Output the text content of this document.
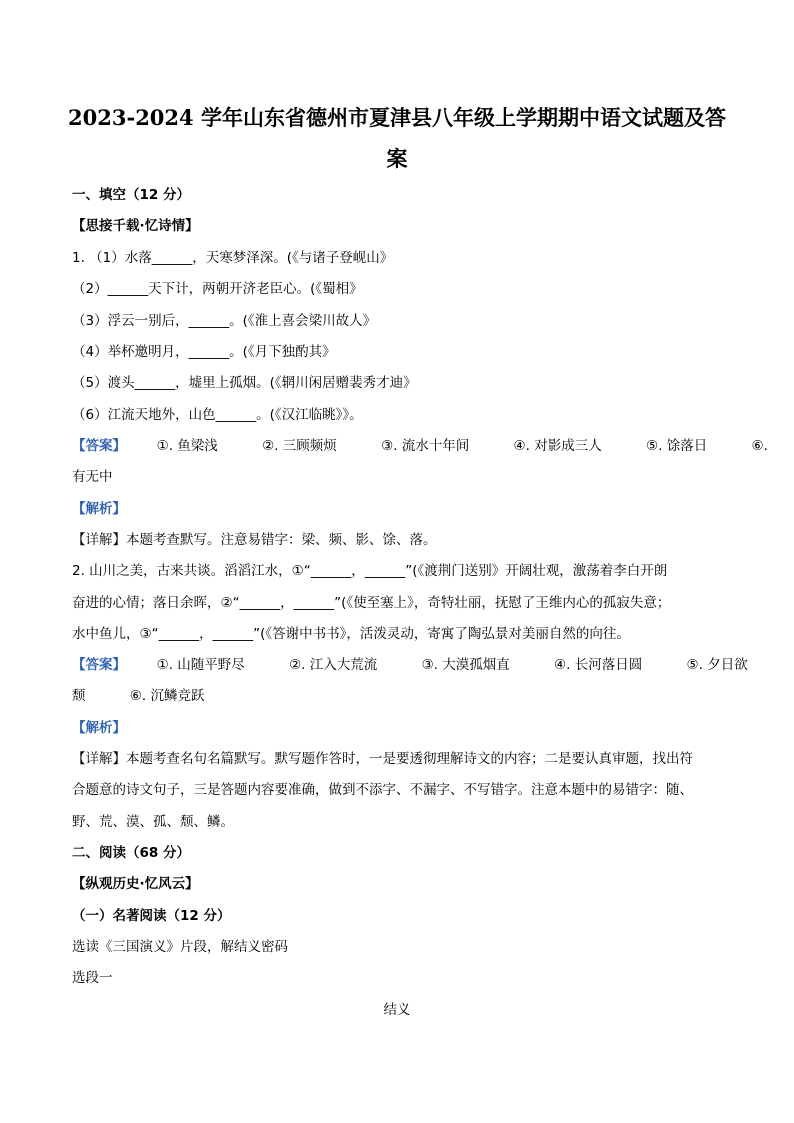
2023-2024 学年山东省德州市夏津县八年级上学期期中语文试题及答
案
一、填空（12 分）
【思接千载·忆诗情】
1. （1）水落______，天寒梦泽深。(《与诸子登岘山》
（2）______天下计，两朝开济老臣心。(《蜀相》
（3）浮云一别后，______。(《淮上喜会梁川故人》
（4）举杯邀明月，______。(《月下独酌其》
（5）渡头______，墟里上孤烟。(《辋川闲居赠裴秀才迪》
（6）江流天地外，山色______。(《汉江临眺》》。
【答案】 ①. 鱼梁浅	②. 三顾频烦	③. 流水十年间	④. 对影成三人	⑤. 馀落日	⑥.
有无中
【解析】
【详解】本题考查默写。注意易错字：梁、频、影、馀、落。
2. 山川之美，古来共谈。滔滔江水，①“______，______”(《渡荆门送别》开阔壮观，激荡着李白开朗
奋进的心情；落日余晖，②“______，______”(《使至塞上》，奇特壮丽，抚慰了王维内心的孤寂失意；
水中鱼儿，③“______，______”(《答谢中书书》，活泼灵动，寄寓了陶弘景对美丽自然的向往。
【答案】 ①. 山随平野尽	②. 江入大荒流	③. 大漠孤烟直	④. 长河落日圆	⑤. 夕日欲
颓	⑥. 沉鳞竞跃
【解析】
【详解】本题考查名句名篇默写。默写题作答时，一是要透彻理解诗文的内容；二是要认真审题，找出符
合题意的诗文句子，三是答题内容要准确，做到不添字、不漏字、不写错字。注意本题中的易错字：随、
野、荒、漠、孤、颓、鳞。
二、阅读（68 分）
【纵观历史·忆风云】
（一）名著阅读（12 分）
选读《三国演义》片段，解结义密码
选段一
结义
